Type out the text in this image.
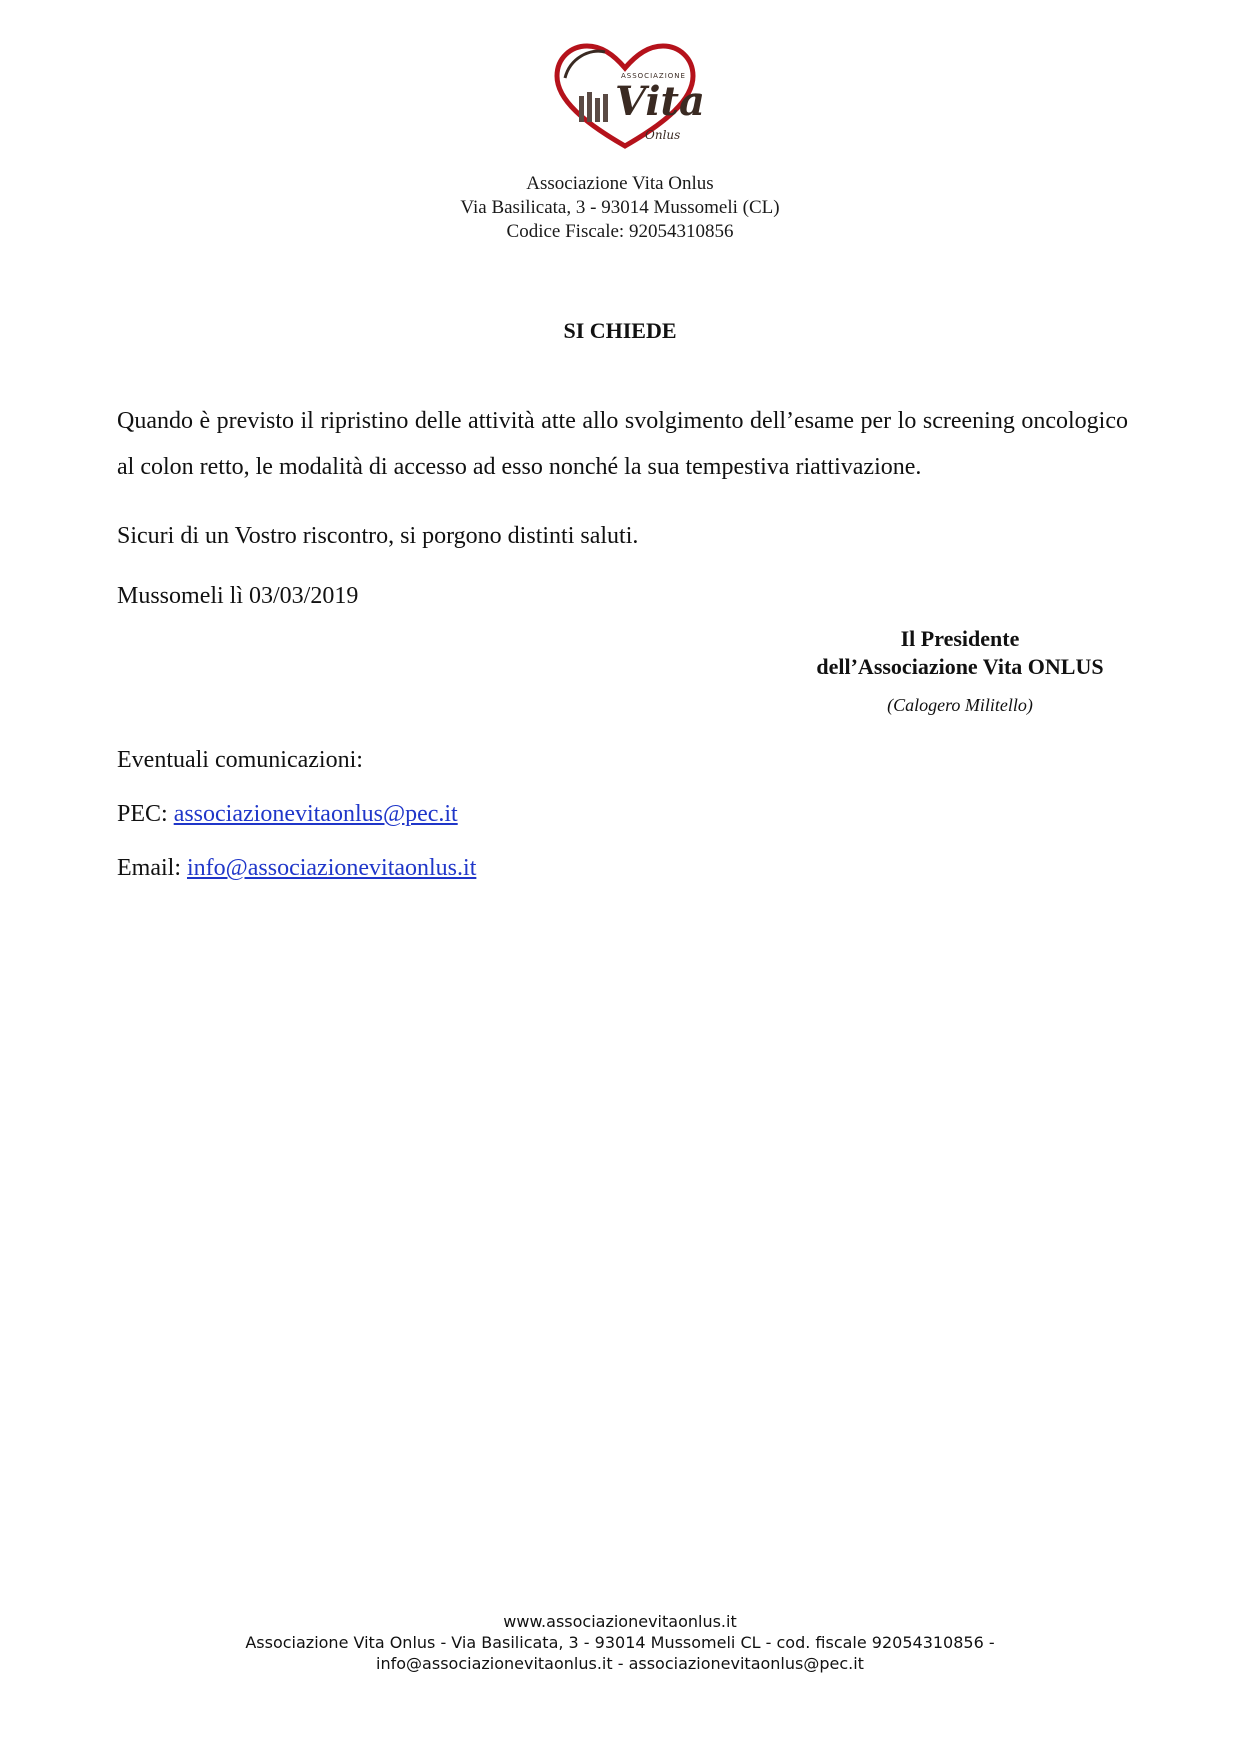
ASSOCIAZIONE
Vita
Onlus
Associazione Vita Onlus
Via Basilicata, 3 - 93014 Mussomeli (CL)
Codice Fiscale: 92054310856
SI CHIEDE
Quando è previsto il ripristino delle attività atte allo svolgimento dell’esame per lo screening oncologico al colon retto, le modalità di accesso ad esso nonché la sua tempestiva riattivazione.
Sicuri di un Vostro riscontro, si porgono distinti saluti.
Mussomeli lì 03/03/2019
Il Presidente
dell’Associazione Vita ONLUS
(Calogero Militello)
Eventuali comunicazioni:
PEC: associazionevitaonlus@pec.it
Email: info@associazionevitaonlus.it
www.associazionevitaonlus.it
Associazione Vita Onlus - Via Basilicata, 3 - 93014 Mussomeli CL - cod. fiscale 92054310856 -
info@associazionevitaonlus.it - associazionevitaonlus@pec.it
